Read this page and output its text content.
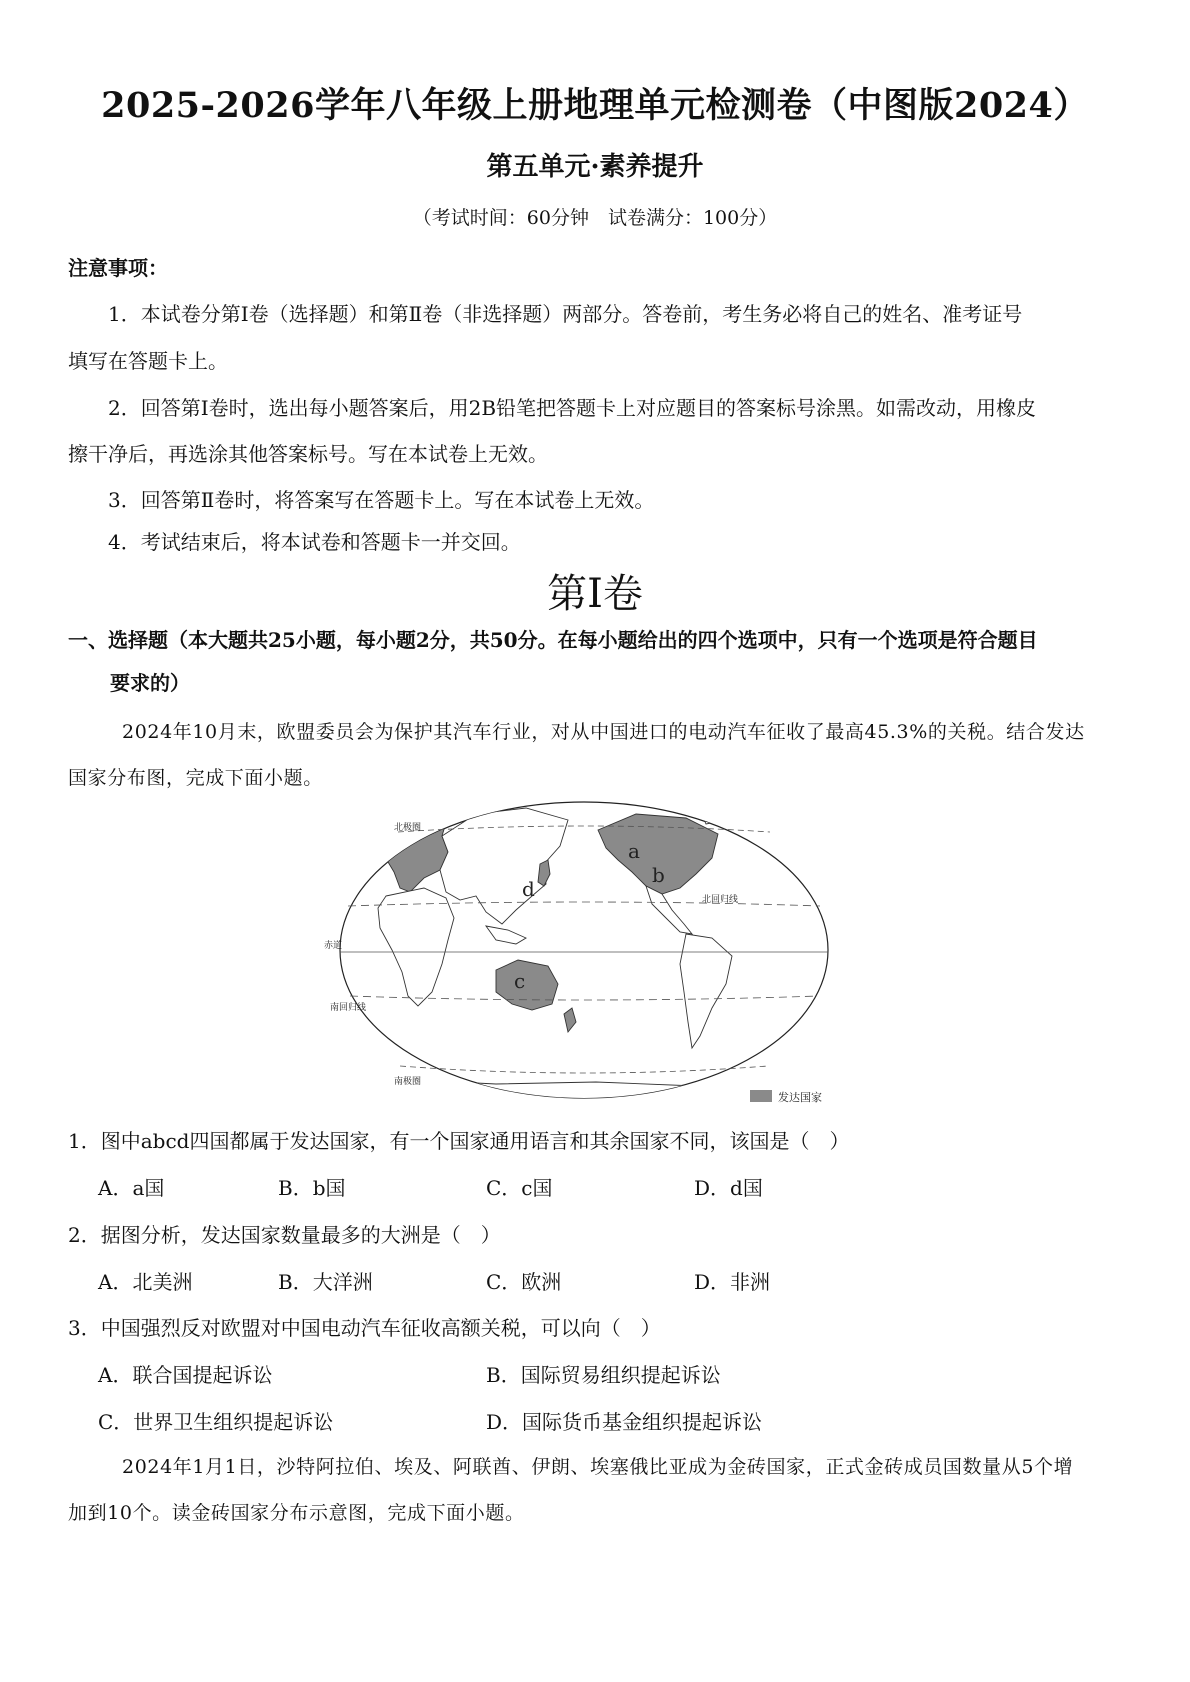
2025-2026学年八年级上册地理单元检测卷（中图版2024）
第五单元·素养提升
（考试时间：60分钟　试卷满分：100分）
注意事项：
1．本试卷分第Ⅰ卷（选择题）和第Ⅱ卷（非选择题）两部分。答卷前，考生务必将自己的姓名、准考证号
填写在答题卡上。
2．回答第Ⅰ卷时，选出每小题答案后，用2B铅笔把答题卡上对应题目的答案标号涂黑。如需改动，用橡皮
擦干净后，再选涂其他答案标号。写在本试卷上无效。
3．回答第Ⅱ卷时，将答案写在答题卡上。写在本试卷上无效。
4．考试结束后，将本试卷和答题卡一并交回。
第Ⅰ卷
一、选择题（本大题共25小题，每小题2分，共50分。在每小题给出的四个选项中，只有一个选项是符合题目
要求的）
2024年10月末，欧盟委员会为保护其汽车行业，对从中国进口的电动汽车征收了最高45.3%的关税。结合发达
国家分布图，完成下面小题。
a
b
c
d
北极圈
北回归线
赤道
南回归线
南极圈
发达国家
1．图中abcd四国都属于发达国家，有一个国家通用语言和其余国家不同，该国是（　）
A．a国	B．b国	C．c国	D．d国
2．据图分析，发达国家数量最多的大洲是（　）
A．北美洲	B．大洋洲	C．欧洲	D．非洲
3．中国强烈反对欧盟对中国电动汽车征收高额关税，可以向（　）
A．联合国提起诉讼	B．国际贸易组织提起诉讼
C．世界卫生组织提起诉讼	D．国际货币基金组织提起诉讼
2024年1月1日，沙特阿拉伯、埃及、阿联酋、伊朗、埃塞俄比亚成为金砖国家，正式金砖成员国数量从5个增
加到10个。读金砖国家分布示意图，完成下面小题。
